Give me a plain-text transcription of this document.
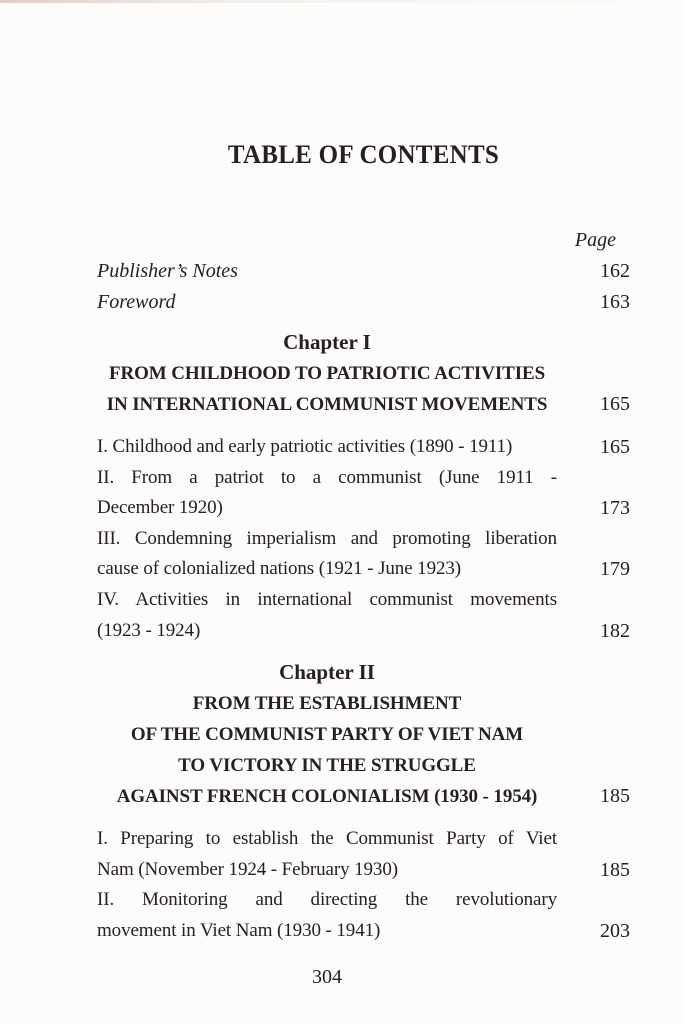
TABLE OF CONTENTS
Page
Publisher’s Notes	162
Foreword	163
Chapter I
FROM CHILDHOOD TO PATRIOTIC ACTIVITIES
IN INTERNATIONAL COMMUNIST MOVEMENTS	165
I. Childhood and early patriotic activities (1890 - 1911)	165
II. From a patriot to a communist (June 1911 -
December 1920)	173
III. Condemning imperialism and promoting liberation
cause of colonialized nations (1921 - June 1923)	179
IV. Activities in international communist movements
(1923 - 1924)	182
Chapter II
FROM THE ESTABLISHMENT
OF THE COMMUNIST PARTY OF VIET NAM
TO VICTORY IN THE STRUGGLE
AGAINST FRENCH COLONIALISM (1930 - 1954)	185
I. Preparing to establish the Communist Party of Viet
Nam (November 1924 - February 1930)	185
II. Monitoring and directing the revolutionary
movement in Viet Nam (1930 - 1941)	203
304
